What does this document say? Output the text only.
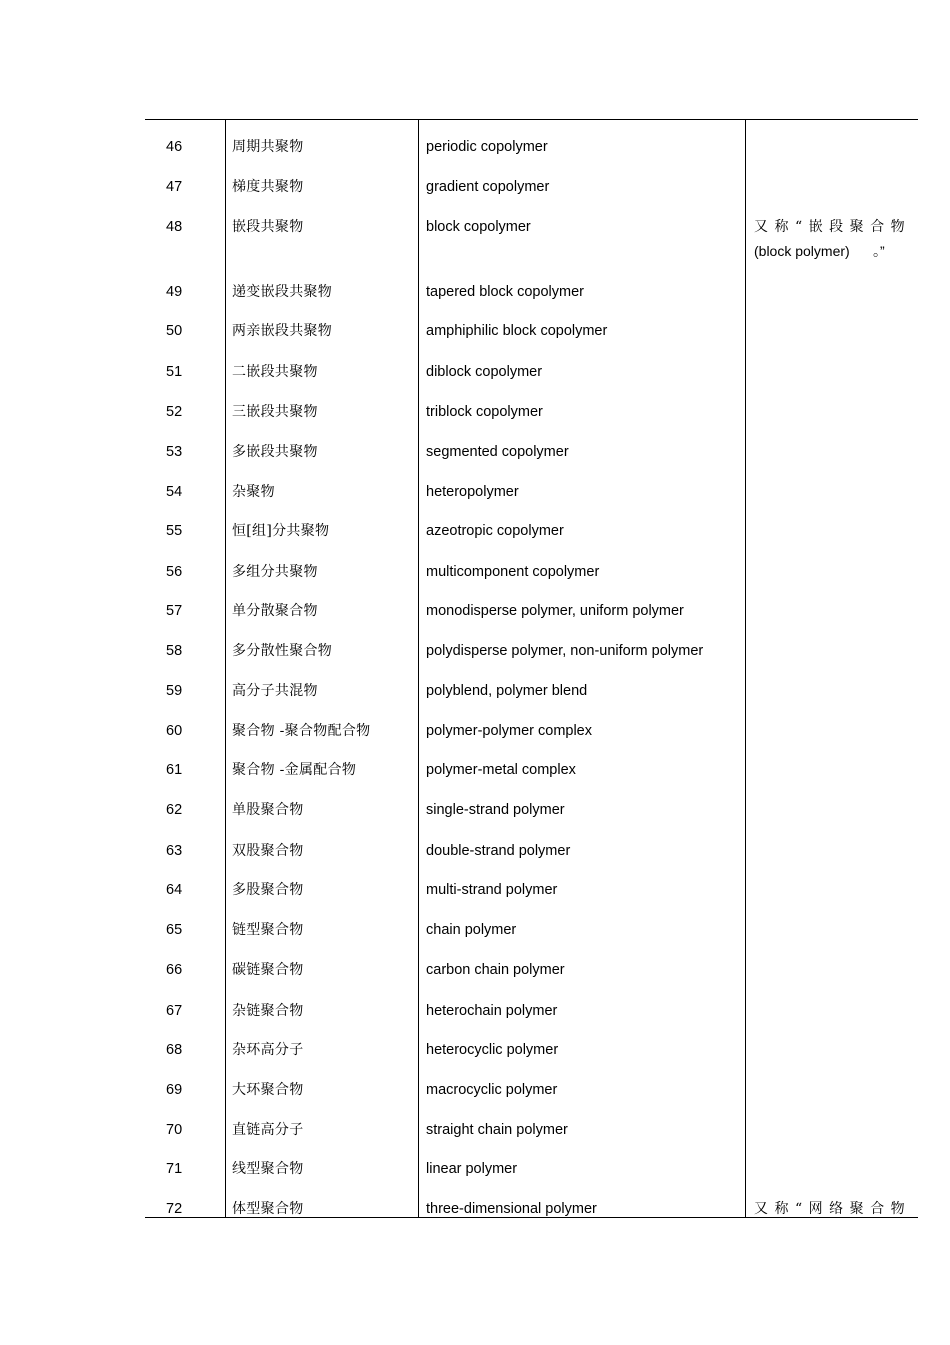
46	周期共聚物	periodic copolymer
47	梯度共聚物	gradient copolymer
48	嵌段共聚物	block copolymer	又称“嵌段聚合物
(block polymer)      。”
49	递变嵌段共聚物	tapered block copolymer
50	两亲嵌段共聚物	amphiphilic block copolymer
51	二嵌段共聚物	diblock copolymer
52	三嵌段共聚物	triblock copolymer
53	多嵌段共聚物	segmented copolymer
54	杂聚物	heteropolymer
55	恒[组]分共聚物	azeotropic copolymer
56	多组分共聚物	multicomponent copolymer
57	单分散聚合物	monodisperse polymer, uniform polymer
58	多分散性聚合物	polydisperse polymer, non-uniform polymer
59	高分子共混物	polyblend, polymer blend
60	聚合物 -聚合物配合物	polymer-polymer complex
61	聚合物 -金属配合物	polymer-metal complex
62	单股聚合物	single-strand polymer
63	双股聚合物	double-strand polymer
64	多股聚合物	multi-strand polymer
65	链型聚合物	chain polymer
66	碳链聚合物	carbon chain polymer
67	杂链聚合物	heterochain polymer
68	杂环高分子	heterocyclic polymer
69	大环聚合物	macrocyclic polymer
70	直链高分子	straight chain polymer
71	线型聚合物	linear polymer
72	体型聚合物	three-dimensional polymer	又称“网络聚合物
